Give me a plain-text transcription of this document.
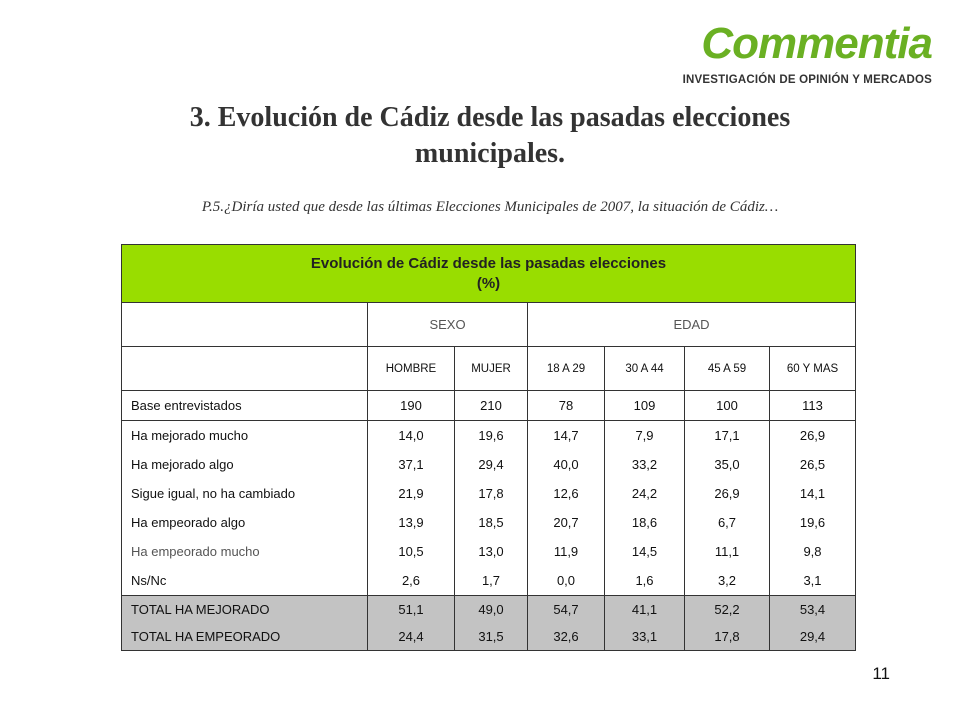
Commentia
INVESTIGACIÓN DE OPINIÓN Y MERCADOS
3. Evolución de Cádiz desde las pasadas elecciones
municipales.
P.5.¿Diría usted que desde las últimas Elecciones Municipales de 2007, la situación de Cádiz…
Evolución de Cádiz desde las pasadas elecciones
(%)						

	SEXO		EDAD			
	HOMBRE	MUJER	18 A 29	30 A 44	45 A 59	60 Y MAS
Base entrevistados	190	210	78	109	100	113
Ha mejorado mucho	14,0	19,6	14,7	7,9	17,1	26,9
Ha mejorado algo	37,1	29,4	40,0	33,2	35,0	26,5
Sigue igual, no ha cambiado	21,9	17,8	12,6	24,2	26,9	14,1
Ha empeorado algo	13,9	18,5	20,7	18,6	6,7	19,6
Ha empeorado mucho	10,5	13,0	11,9	14,5	11,1	9,8
Ns/Nc	2,6	1,7	0,0	1,6	3,2	3,1
TOTAL HA MEJORADO	51,1	49,0	54,7	41,1	52,2	53,4
TOTAL HA EMPEORADO	24,4	31,5	32,6	33,1	17,8	29,4
11
